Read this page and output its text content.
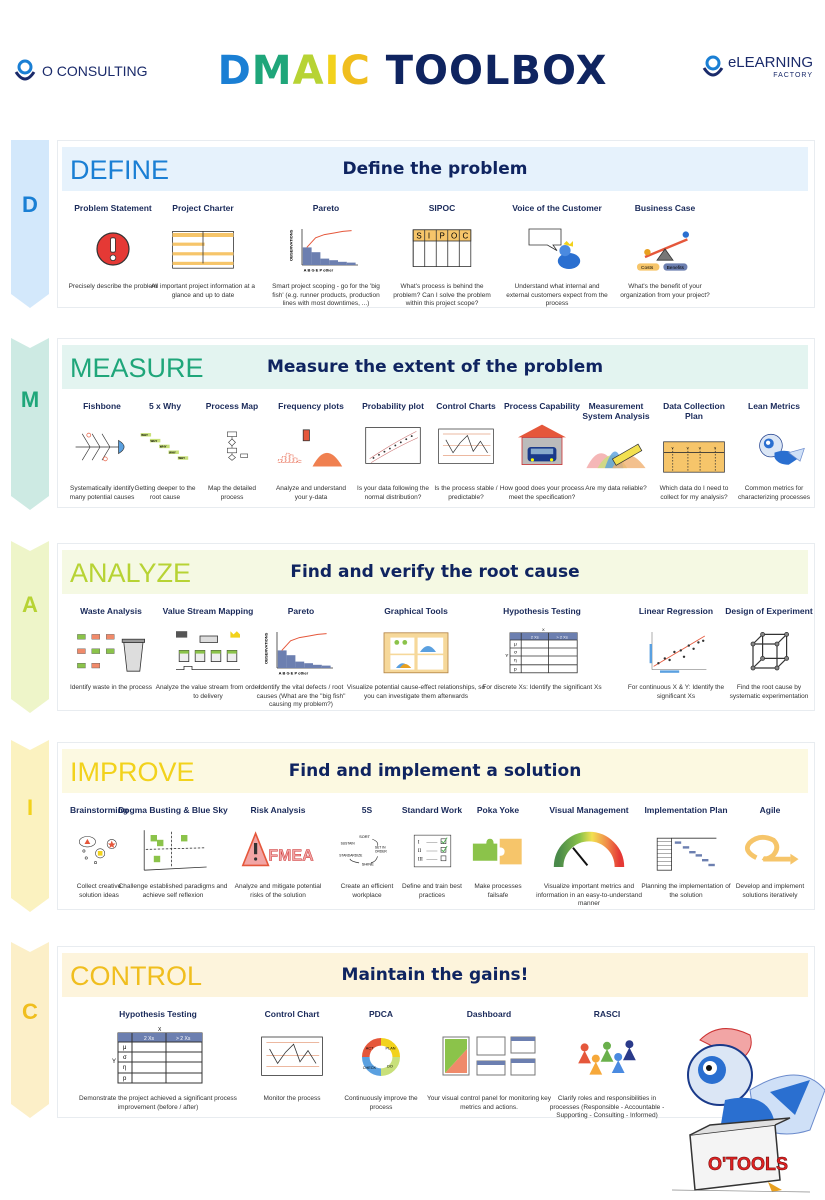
O CONSULTING	DMAIC TOOLBOX	eLEARNING
FACTORY
D
DEFINE	Define the problem
Problem Statement
Precisely describe the problem
Project Charter
All important project information at a glance and up to date
Pareto
OBSERVATIONS
A B G E P other
Smart project scoping - go for the 'big fish' (e.g. runner products, production lines with most downtimes, ...)
SIPOC
S I P O C
What's process is behind the problem? Can I solve the problem within this project scope?
Voice of the Customer
Understand what internal and external customers expect from the process
Business Case
Costs Benefits
What's the benefit of your organization from your project?
M
MEASURE	Measure the extent of the problem
Fishbone
Systematically identify many potential causes
5 x Why
WHY
WHY
WHY
WHY
WHY
Getting deeper to the root cause
Process Map
Map the detailed process
Frequency plots
Analyze and understand your y-data
Probability plot
Is your data following the normal distribution?
Control Charts
Is the process stable / predictable?
Process Capability
How good does your process meet the specification?
Measurement System Analysis
Are my data reliable?
Data Collection Plan
Y	Y Y	Y
Which data do I need to collect for my analysis?
Lean Metrics
Common metrics for characterizing processes
A
ANALYZE	Find and verify the root cause
Waste Analysis
Identify waste in the process
Value Stream Mapping
Analyze the value stream from order to delivery
Pareto
OBSERVATIONS
A B G E P other
Identify the vital defects / root causes (What are the "big fish" causing my problem?)
Graphical Tools
Visualize potential cause-effect relationships, so you can investigate them afterwards
Hypothesis Testing
2 Xs	> 2 Xs
μ
σ
η
p
Y
X
For discrete Xs: Identify the significant Xs
Linear Regression
For continuous X & Y: Identify the significant Xs
Design of Experiment
Find the root cause by systematic experimentation
I
IMPROVE	Find and implement a solution
Brainstorming
Collect creative solution ideas
Dogma Busting & Blue Sky
Challenge established paradigms and achieve self reflexion
Risk Analysis
FMEA
Analyze and mitigate potential risks of the solution
5S
SORT
SET IN
ORDER
SHINE
STANDARDIZE
SUSTAIN
Create an efficient workplace
Standard Work
I
II
III
Define and train best practices
Poka Yoke
Make processes failsafe
Visual Management
Visualize important metrics and information in an easy-to-understand manner
Implementation Plan
Planning the implementation of the solution
Agile
Develop and implement solutions iteratively
C
CONTROL	Maintain the gains!
Hypothesis Testing
2 Xs	> 2 Xs
μ
σ
η
p
Y
X
Demonstrate the project achieved a significant process improvement (before / after)
Control Chart
Monitor the process
PDCA
PLAN
DO
CHECK
ACT
Continuously improve the process
Dashboard
Your visual control panel for monitoring key metrics and actions.
RASCI
Clarify roles and responsibilities in processes (Responsible - Accountable - Supporting - Consulting - Informed)
O'TOOLS
